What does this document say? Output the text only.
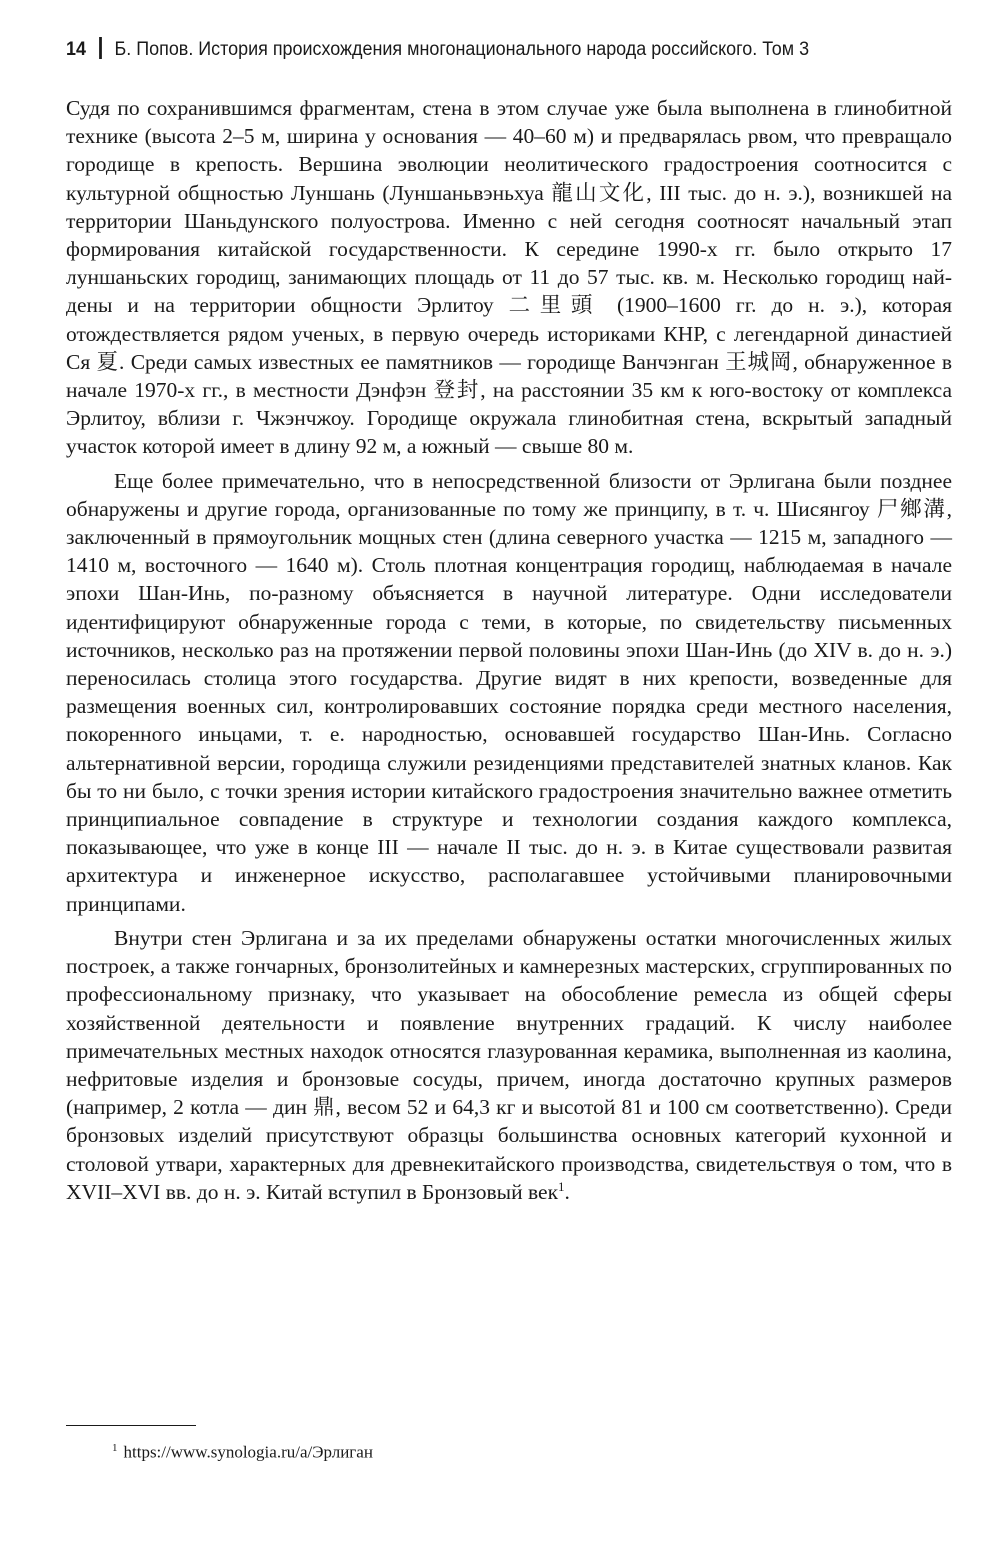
14 Б. Попов. История происхождения многонационального народа российского. Том 3

Судя по сохранившимся фрагментам, стена в этом случае уже была выполнена в глинобитной технике (высота 2–5 м, ширина у основания — 40–60 м) и предварялась рвом, что превращало городище в крепость. Вершина эволюции неолитического градостроения соотносится с культурной общностью Луншань (Луншаньвэньхуа 龍山文化, III тыс. до н. э.), возникшей на территории Шаньдунского полуострова. Именно с ней сегодня соотносят начальный этап формирования китайской государственности. К середине 1990-х гг. было открыто 17 луншаньских городищ, занимающих площадь от 11 до 57 тыс. кв. м. Несколько городищ найдены и на территории общности Эрлитоу 二里頭 (1900–1600 гг. до н. э.), которая отождествляется рядом ученых, в первую очередь историками КНР, с легендарной династией Ся 夏. Среди самых известных ее памятников — городище Ванчэнган 王城岡, обнаруженное в начале 1970-х гг., в местности Дэнфэн 登封, на расстоянии 35 км к юго-востоку от комплекса Эрлитоу, вблизи г. Чжэнчжоу. Городище окружала глинобитная стена, вскрытый западный участок которой имеет в длину 92 м, а южный — свыше 80 м.

Еще более примечательно, что в непосредственной близости от Эрлигана были позднее обнаружены и другие города, организованные по тому же принципу, в т. ч. Шисянгоу 尸鄉溝, заключенный в прямоугольник мощных стен (длина северного участка — 1215 м, западного — 1410 м, восточного — 1640 м). Столь плотная концентрация городищ, наблюдаемая в начале эпохи Шан-Инь, по-разному объясняется в научной литературе. Одни исследователи идентифицируют обнаруженные города с теми, в которые, по свидетельству письменных источников, несколько раз на протяжении первой половины эпохи Шан-Инь (до XIV в. до н. э.) переносилась столица этого государства. Другие видят в них крепости, возведенные для размещения военных сил, контролировавших состояние порядка среди местного населения, покоренного иньцами, т. е. народностью, основавшей государство Шан-Инь. Согласно альтернативной версии, городища служили резиденциями представителей знатных кланов. Как бы то ни было, с точки зрения истории китайского градостроения значительно важнее отметить принципиальное совпадение в структуре и технологии создания каждого комплекса, показывающее, что уже в конце III — начале II тыс. до н. э. в Китае существовали развитая архитектура и инженерное искусство, располагавшее устойчивыми планировочными принципами.

Внутри стен Эрлигана и за их пределами обнаружены остатки многочисленных жилых построек, а также гончарных, бронзолитейных и камнерезных мастерских, сгруппированных по профессиональному признаку, что указывает на обособление ремесла из общей сферы хозяйственной деятельности и появление внутренних градаций. К числу наиболее примечательных местных находок относятся глазурованная керамика, выполненная из каолина, нефритовые изделия и бронзовые сосуды, причем, иногда достаточно крупных размеров (например, 2 котла — дин 鼎, весом 52 и 64,3 кг и высотой 81 и 100 см соответственно). Среди бронзовых изделий присутствуют образцы большинства основных категорий кухонной и столовой утвари, характерных для древнекитайского производства, свидетельствуя о том, что в XVII–XVI вв. до н. э. Китай вступил в Бронзовый век$^1$.

$^1$ https://www.synologia.ru/a/Эрлиган
